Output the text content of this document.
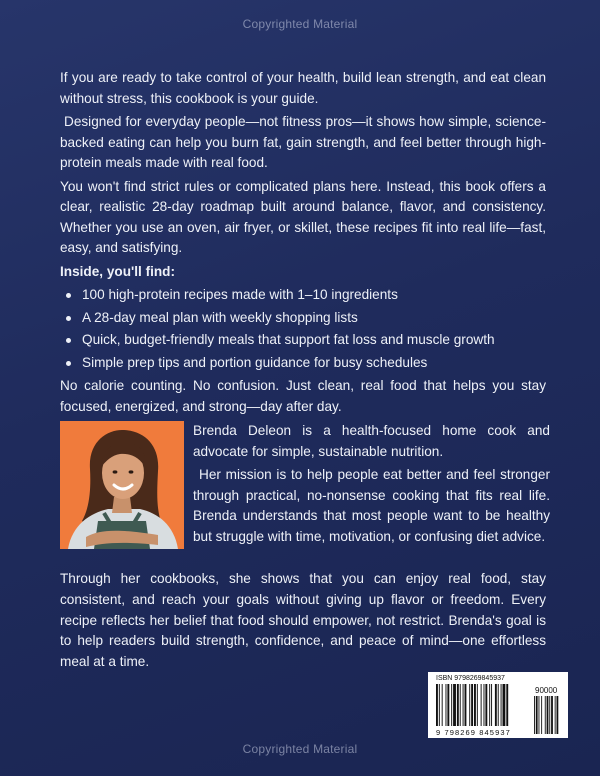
Copyrighted Material

If you are ready to take control of your health, build lean strength, and eat clean without stress, this cookbook is your guide.

Designed for everyday people—not fitness pros—it shows how simple, science-backed eating can help you burn fat, gain strength, and feel better through high-protein meals made with real food.

You won't find strict rules or complicated plans here. Instead, this book offers a clear, realistic 28-day roadmap built around balance, flavor, and consistency. Whether you use an oven, air fryer, or skillet, these recipes fit into real life—fast, easy, and satisfying.

Inside, you'll find:
100 high-protein recipes made with 1–10 ingredients
A 28-day meal plan with weekly shopping lists
Quick, budget-friendly meals that support fat loss and muscle growth
Simple prep tips and portion guidance for busy schedules

No calorie counting. No confusion. Just clean, real food that helps you stay focused, energized, and strong—day after day.

Brenda Deleon is a health-focused home cook and advocate for simple, sustainable nutrition.

Her mission is to help people eat better and feel stronger through practical, no-nonsense cooking that fits real life. Brenda understands that most people want to be healthy but struggle with time, motivation, or confusing diet advice.

Through her cookbooks, she shows that you can enjoy real food, stay consistent, and reach your goals without giving up flavor or freedom. Every recipe reflects her belief that food should empower, not restrict. Brenda's goal is to help readers build strength, confidence, and peace of mind—one effortless meal at a time.
ISBN 9798269845937
90000
9 798269 845937
Copyrighted Material
